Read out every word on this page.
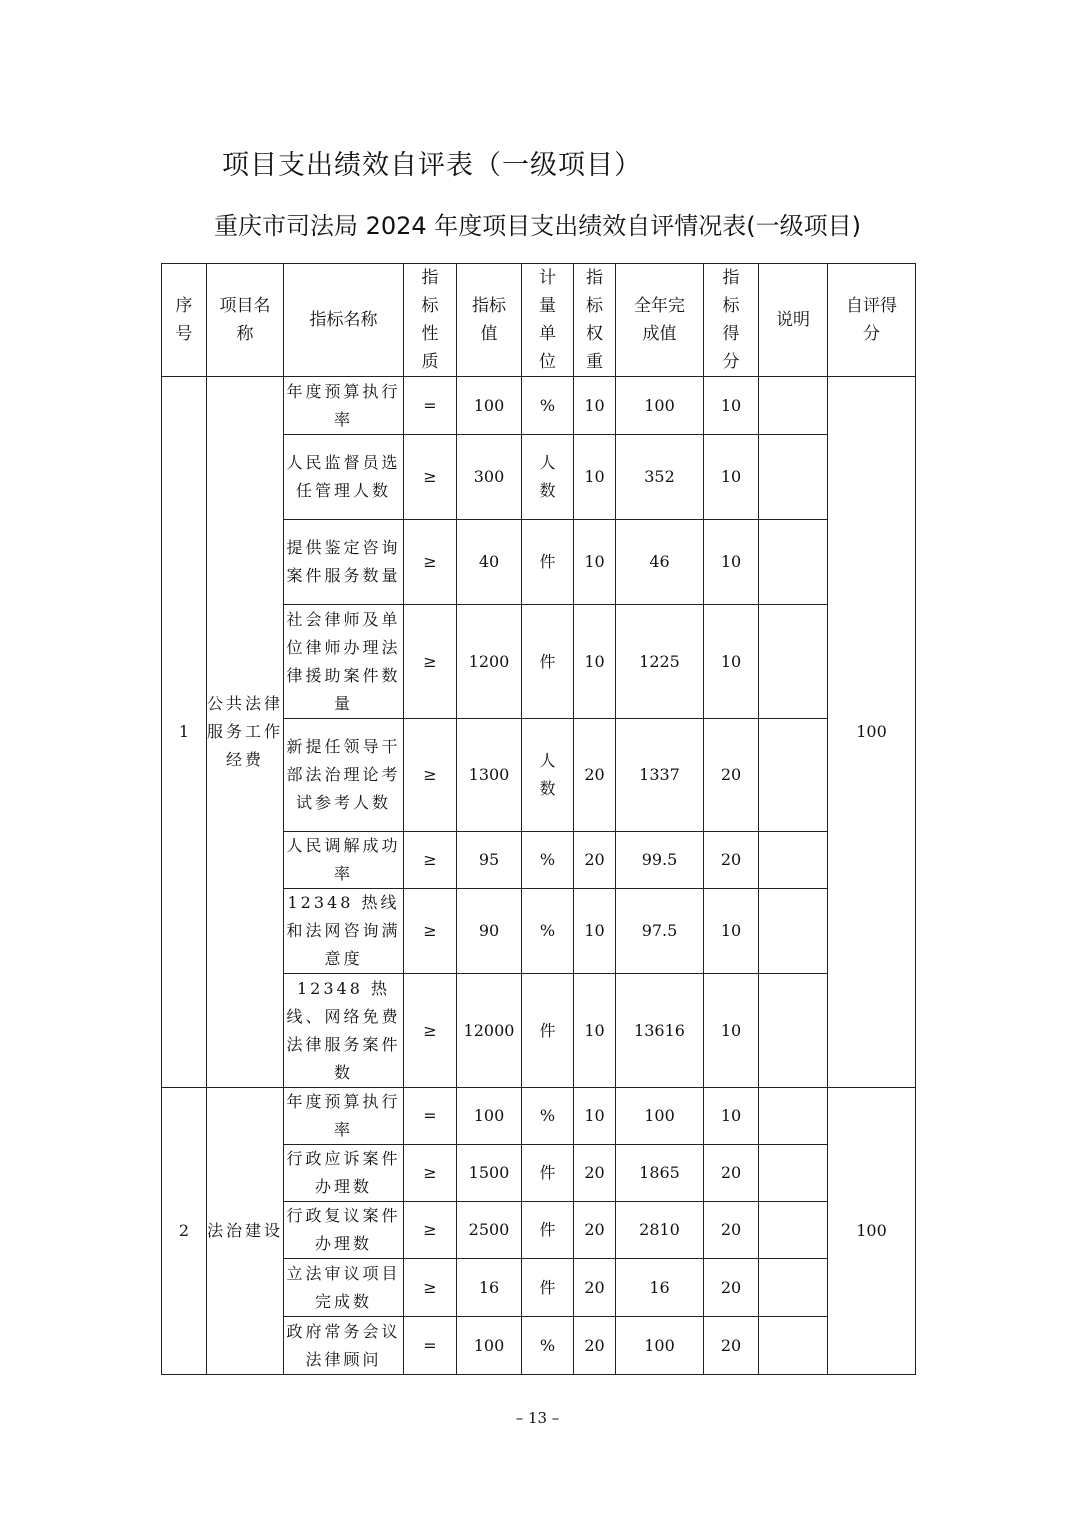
项目支出绩效自评表（一级项目）
重庆市司法局 2024 年度项目支出绩效自评情况表(一级项目)
序号	项目名称	指标名称	指标性质	指标值	计量单位	指标权重	全年完成值	指标得分	说明	自评得分
1	公共法律服务工作经费	年度预算执行率	=	100	%	10	100	10		100
		人民监督员选任管理人数	≥	300	人数	10	352	10		
		提供鉴定咨询案件服务数量	≥	40	件	10	46	10		
		社会律师及单位律师办理法律援助案件数量	≥	1200	件	10	1225	10		
		新提任领导干部法治理论考试参考人数	≥	1300	人数	20	1337	20		
		人民调解成功率	≥	95	%	20	99.5	20		
		12348 热线和法网咨询满意度	≥	90	%	10	97.5	10		
		12348 热线、网络免费法律服务案件数	≥	12000	件	10	13616	10		
2	法治建设	年度预算执行率	=	100	%	10	100	10		100
		行政应诉案件办理数	≥	1500	件	20	1865	20		
		行政复议案件办理数	≥	2500	件	20	2810	20		
		立法审议项目完成数	≥	16	件	20	16	20		
		政府常务会议法律顾问	=	100	%	20	100	20		
– 13 –
